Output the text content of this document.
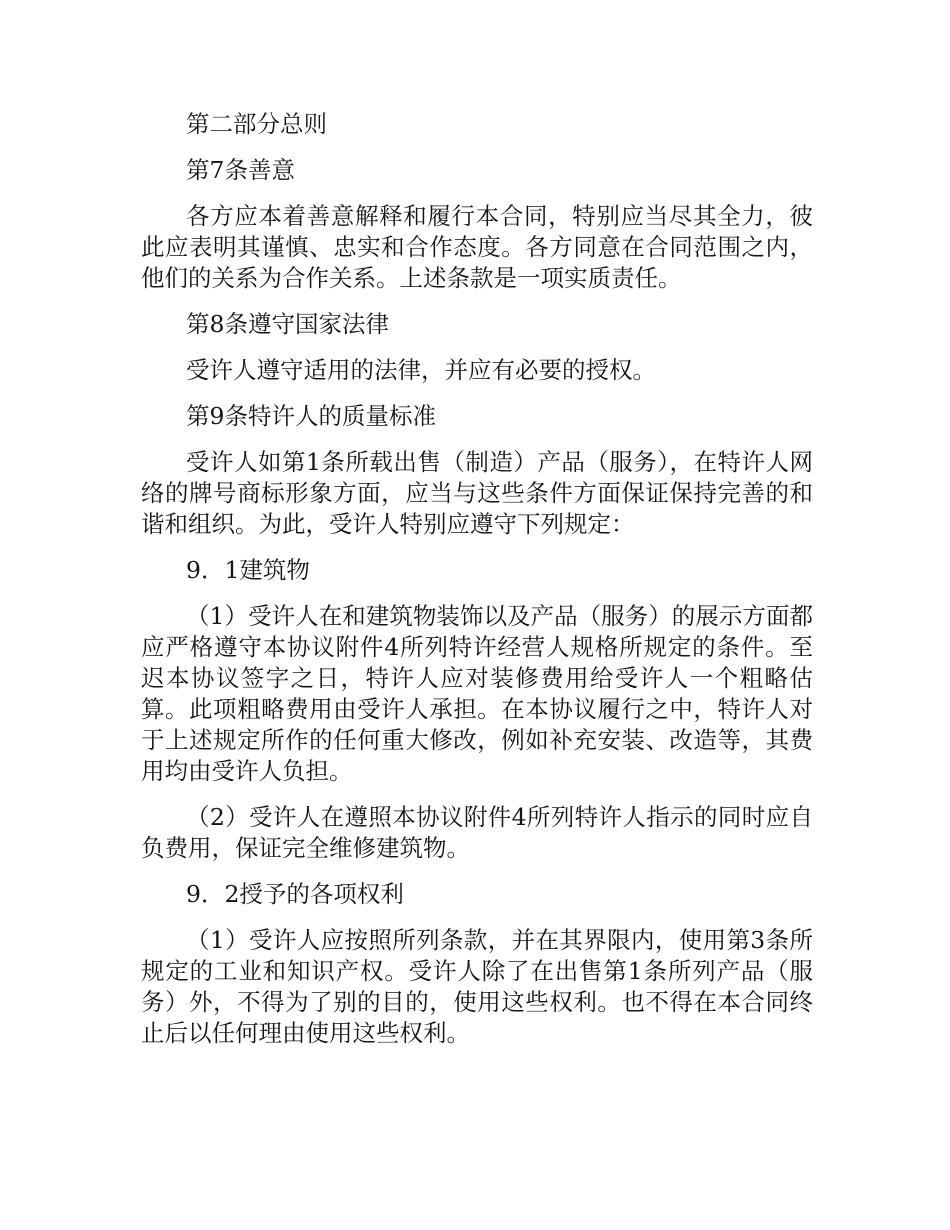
第二部分总则

第7条善意

各方应本着善意解释和履行本合同，特别应当尽其全力，彼此应表明其谨慎、忠实和合作态度。各方同意在合同范围之内，他们的关系为合作关系。上述条款是一项实质责任。

第8条遵守国家法律

受许人遵守适用的法律，并应有必要的授权。

第9条特许人的质量标准

受许人如第1条所载出售（制造）产品（服务），在特许人网络的牌号商标形象方面，应当与这些条件方面保证保持完善的和谐和组织。为此，受许人特别应遵守下列规定：

9．1建筑物

（1）受许人在和建筑物装饰以及产品（服务）的展示方面都应严格遵守本协议附件4所列特许经营人规格所规定的条件。至迟本协议签字之日，特许人应对装修费用给受许人一个粗略估算。此项粗略费用由受许人承担。在本协议履行之中，特许人对于上述规定所作的任何重大修改，例如补充安装、改造等，其费用均由受许人负担。

（2）受许人在遵照本协议附件4所列特许人指示的同时应自负费用，保证完全维修建筑物。

9．2授予的各项权利

（1）受许人应按照所列条款，并在其界限内，使用第3条所规定的工业和知识产权。受许人除了在出售第1条所列产品（服务）外，不得为了别的目的，使用这些权利。也不得在本合同终止后以任何理由使用这些权利。
